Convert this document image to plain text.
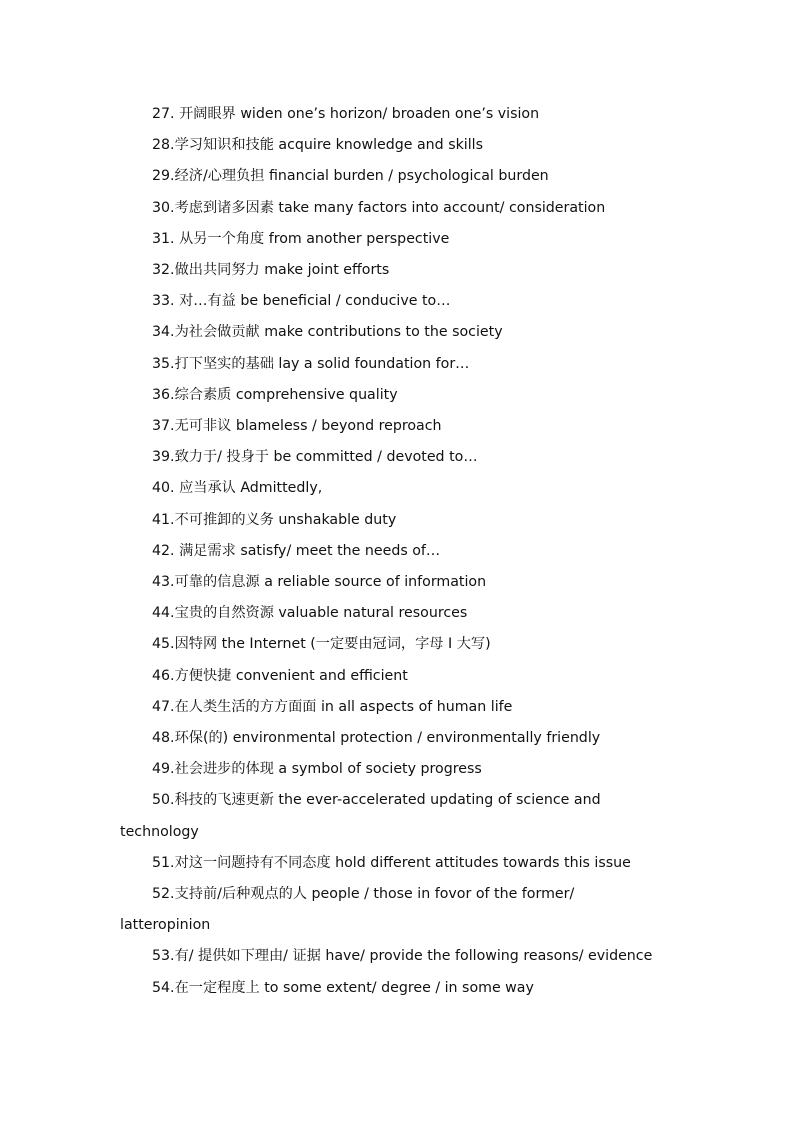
27. 开阔眼界 widen one’s horizon/ broaden one’s vision
28.学习知识和技能 acquire knowledge and skills
29.经济/心理负担 financial burden / psychological burden
30.考虑到诸多因素 take many factors into account/ consideration
31. 从另一个角度 from another perspective
32.做出共同努力 make joint efforts
33. 对…有益 be beneficial / conducive to…
34.为社会做贡献 make contributions to the society
35.打下坚实的基础 lay a solid foundation for…
36.综合素质 comprehensive quality
37.无可非议 blameless / beyond reproach
39.致力于/ 投身于 be committed / devoted to…
40. 应当承认 Admittedly,
41.不可推卸的义务 unshakable duty
42. 满足需求 satisfy/ meet the needs of…
43.可靠的信息源 a reliable source of information
44.宝贵的自然资源 valuable natural resources
45.因特网 the Internet (一定要由冠词，字母 I 大写)
46.方便快捷 convenient and efficient
47.在人类生活的方方面面 in all aspects of human life
48.环保(的) environmental protection / environmentally friendly
49.社会进步的体现 a symbol of society progress
50.科技的飞速更新 the ever-accelerated updating of science and
technology
51.对这一问题持有不同态度 hold different attitudes towards this issue
52.支持前/后种观点的人 people / those in fovor of the former/
latteropinion
53.有/ 提供如下理由/ 证据 have/ provide the following reasons/ evidence
54.在一定程度上 to some extent/ degree / in some way
